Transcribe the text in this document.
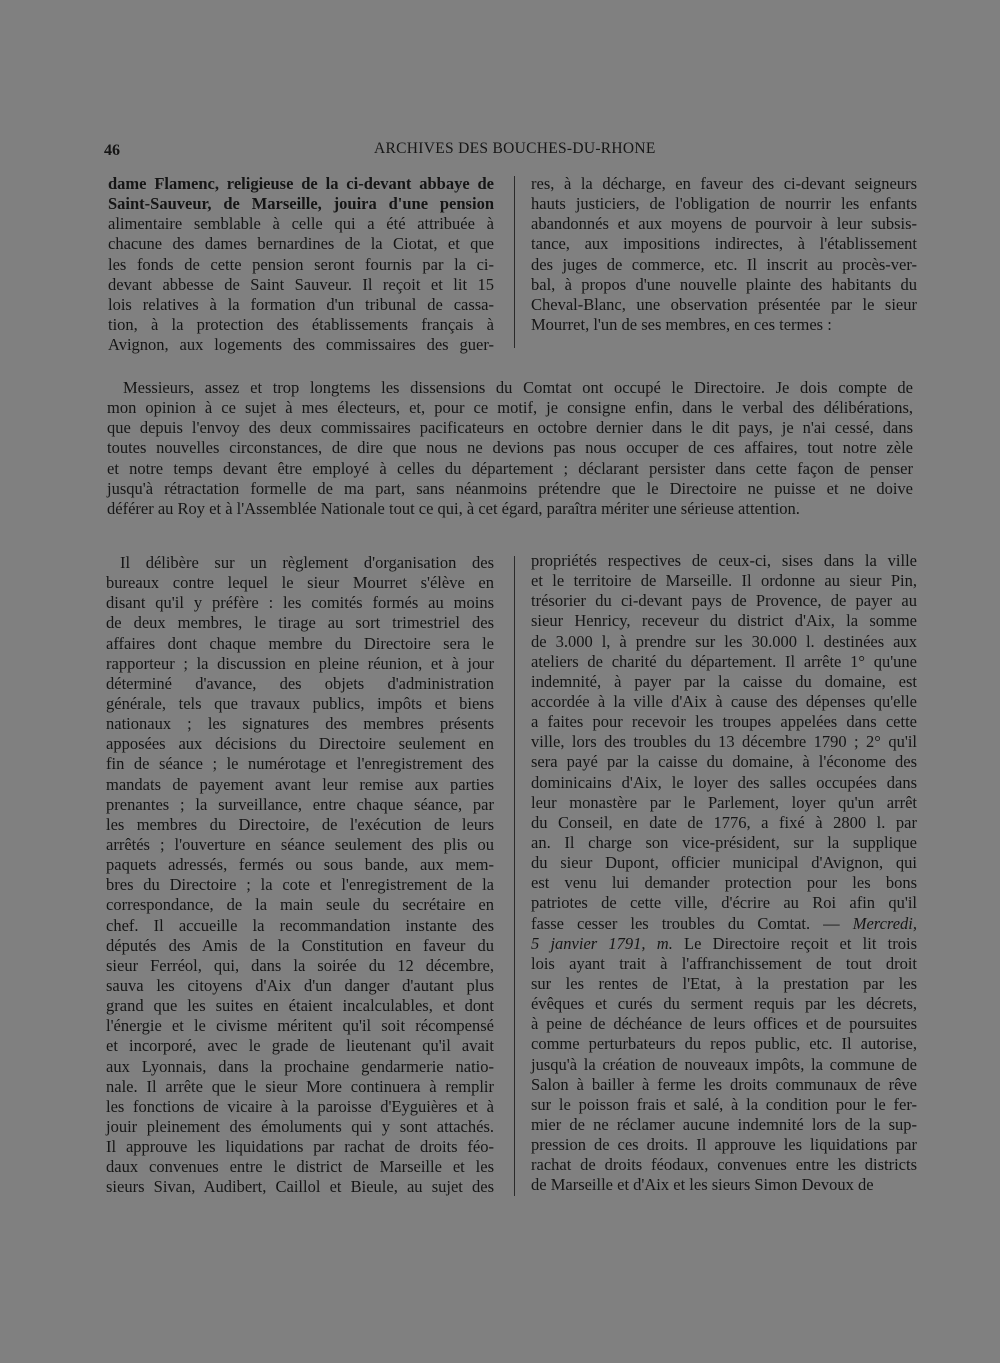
46	ARCHIVES DES BOUCHES-DU-RHONE
dame Flamenc, religieuse de la ci-devant abbaye de
Saint-Sauveur, de Marseille, jouira d'une pension
alimentaire semblable à celle qui a été attribuée à
chacune des dames bernardines de la Ciotat, et que
les fonds de cette pension seront fournis par la ci-
devant abbesse de Saint Sauveur. Il reçoit et lit 15
lois relatives à la formation d'un tribunal de cassa-
tion, à la protection des établissements français à
Avignon, aux logements des commissaires des guer-
res, à la décharge, en faveur des ci-devant seigneurs
hauts justiciers, de l'obligation de nourrir les enfants
abandonnés et aux moyens de pourvoir à leur subsis-
tance, aux impositions indirectes, à l'établissement
des juges de commerce, etc. Il inscrit au procès-ver-
bal, à propos d'une nouvelle plainte des habitants du
Cheval-Blanc, une observation présentée par le sieur
Mourret, l'un de ses membres, en ces termes :
Messieurs, assez et trop longtems les dissensions du Comtat ont occupé le Directoire. Je dois compte de
mon opinion à ce sujet à mes électeurs, et, pour ce motif, je consigne enfin, dans le verbal des délibérations,
que depuis l'envoy des deux commissaires pacificateurs en octobre dernier dans le dit pays, je n'ai cessé, dans
toutes nouvelles circonstances, de dire que nous ne devions pas nous occuper de ces affaires, tout notre zèle
et notre temps devant être employé à celles du département ; déclarant persister dans cette façon de penser
jusqu'à rétractation formelle de ma part, sans néanmoins prétendre que le Directoire ne puisse et ne doive
déférer au Roy et à l'Assemblée Nationale tout ce qui, à cet égard, paraîtra mériter une sérieuse attention.
Il délibère sur un règlement d'organisation des
bureaux contre lequel le sieur Mourret s'élève en
disant qu'il y préfère : les comités formés au moins
de deux membres, le tirage au sort trimestriel des
affaires dont chaque membre du Directoire sera le
rapporteur ; la discussion en pleine réunion, et à jour
déterminé d'avance, des objets d'administration
générale, tels que travaux publics, impôts et biens
nationaux ; les signatures des membres présents
apposées aux décisions du Directoire seulement en
fin de séance ; le numérotage et l'enregistrement des
mandats de payement avant leur remise aux parties
prenantes ; la surveillance, entre chaque séance, par
les membres du Directoire, de l'exécution de leurs
arrêtés ; l'ouverture en séance seulement des plis ou
paquets adressés, fermés ou sous bande, aux mem-
bres du Directoire ; la cote et l'enregistrement de la
correspondance, de la main seule du secrétaire en
chef. Il accueille la recommandation instante des
députés des Amis de la Constitution en faveur du
sieur Ferréol, qui, dans la soirée du 12 décembre,
sauva les citoyens d'Aix d'un danger d'autant plus
grand que les suites en étaient incalculables, et dont
l'énergie et le civisme méritent qu'il soit récompensé
et incorporé, avec le grade de lieutenant qu'il avait
aux Lyonnais, dans la prochaine gendarmerie natio-
nale. Il arrête que le sieur More continuera à remplir
les fonctions de vicaire à la paroisse d'Eyguières et à
jouir pleinement des émoluments qui y sont attachés.
Il approuve les liquidations par rachat de droits féo-
daux convenues entre le district de Marseille et les
sieurs Sivan, Audibert, Caillol et Bieule, au sujet des
propriétés respectives de ceux-ci, sises dans la ville
et le territoire de Marseille. Il ordonne au sieur Pin,
trésorier du ci-devant pays de Provence, de payer au
sieur Henricy, receveur du district d'Aix, la somme
de 3.000 l, à prendre sur les 30.000 l. destinées aux
ateliers de charité du département. Il arrête 1° qu'une
indemnité, à payer par la caisse du domaine, est
accordée à la ville d'Aix à cause des dépenses qu'elle
a faites pour recevoir les troupes appelées dans cette
ville, lors des troubles du 13 décembre 1790 ; 2° qu'il
sera payé par la caisse du domaine, à l'économe des
dominicains d'Aix, le loyer des salles occupées dans
leur monastère par le Parlement, loyer qu'un arrêt
du Conseil, en date de 1776, a fixé à 2800 l. par
an. Il charge son vice-président, sur la supplique
du sieur Dupont, officier municipal d'Avignon, qui
est venu lui demander protection pour les bons
patriotes de cette ville, d'écrire au Roi afin qu'il
fasse cesser les troubles du Comtat. — Mercredi,
5 janvier 1791, m. Le Directoire reçoit et lit trois
lois ayant trait à l'affranchissement de tout droit
sur les rentes de l'Etat, à la prestation par les
évêques et curés du serment requis par les décrets,
à peine de déchéance de leurs offices et de poursuites
comme perturbateurs du repos public, etc. Il autorise,
jusqu'à la création de nouveaux impôts, la commune de
Salon à bailler à ferme les droits communaux de rêve
sur le poisson frais et salé, à la condition pour le fer-
mier de ne réclamer aucune indemnité lors de la sup-
pression de ces droits. Il approuve les liquidations par
rachat de droits féodaux, convenues entre les districts
de Marseille et d'Aix et les sieurs Simon Devoux de
